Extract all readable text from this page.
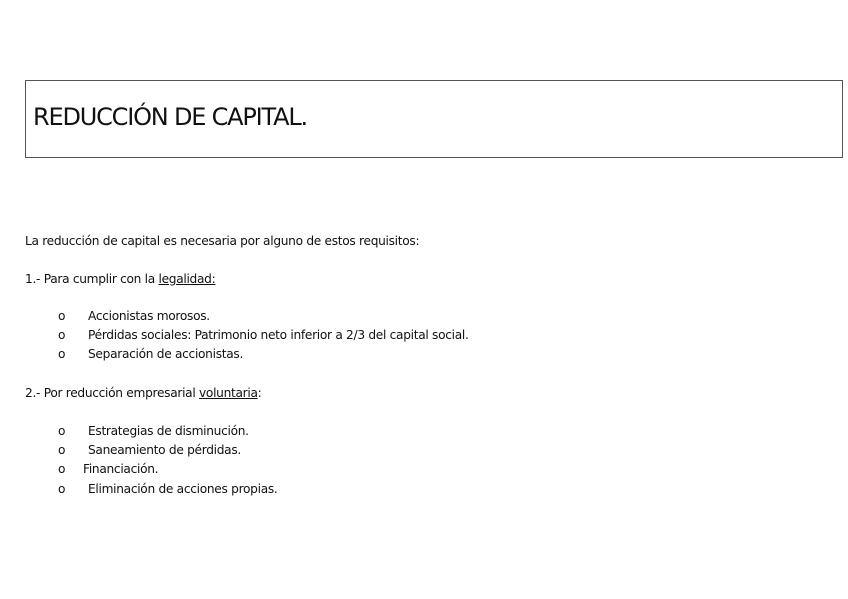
REDUCCIÓN DE CAPITAL.
La reducción de capital es necesaria por alguno de estos requisitos:
1.- Para cumplir con la legalidad:
o Accionistas morosos.
o Pérdidas sociales: Patrimonio neto inferior a 2/3 del capital social.
o Separación de accionistas.
2.- Por reducción empresarial voluntaria:
o Estrategias de disminución.
o Saneamiento de pérdidas.
o Financiación.
o Eliminación de acciones propias.
